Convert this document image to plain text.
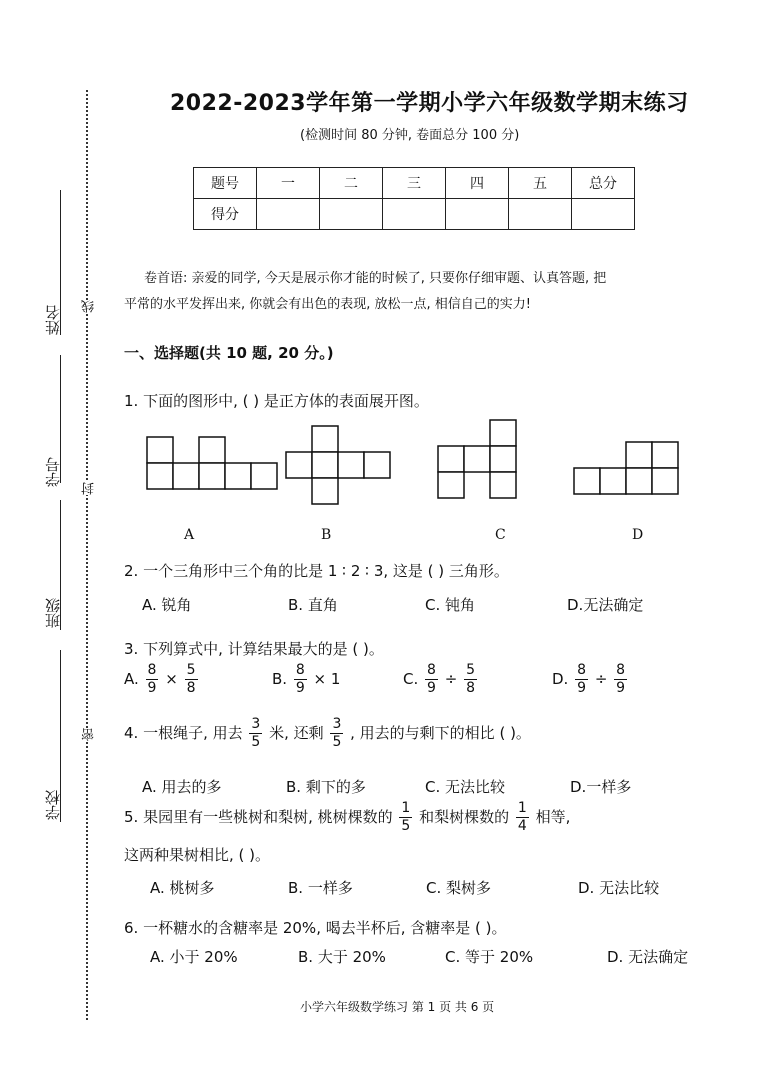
线
封
密
姓名
学号
班级
学校
2022-2023学年第一学期小学六年级数学期末练习
(检测时间 80 分钟, 卷面总分 100 分)
题号	一	二	三	四	五	总分
得分						
卷首语: 亲爱的同学, 今天是展示你才能的时候了, 只要你仔细审题、认真答题, 把
平常的水平发挥出来, 你就会有出色的表现, 放松一点, 相信自己的实力!
一、选择题(共 10 题, 20 分。)
1. 下面的图形中, ( ) 是正方体的表面展开图。
A	B	C	D
2. 一个三角形中三个角的比是 1 ∶ 2 ∶ 3, 这是 ( ) 三角形。
A. 锐角	B. 直角	C. 钝角	D.无法确定
3. 下列算式中, 计算结果最大的是 ( )。
A. $\frac{8}{9} \times \frac{5}{8}$	B. $\frac{8}{9} \times 1$	C. $\frac{8}{9} \div \frac{5}{8}$	D. $\frac{8}{9} \div \frac{8}{9}$
4. 一根绳子, 用去 $\frac{3}{5}$ 米, 还剩 $\frac{3}{5}$ , 用去的与剩下的相比 ( )。
A. 用去的多	B. 剩下的多	C. 无法比较	D.一样多
5. 果园里有一些桃树和梨树, 桃树棵数的 $\frac{1}{5}$ 和梨树棵数的 $\frac{1}{4}$ 相等,
这两种果树相比, ( )。
A. 桃树多	B. 一样多	C. 梨树多	D. 无法比较
6. 一杯糖水的含糖率是 20%, 喝去半杯后, 含糖率是 ( )。
A. 小于 20%	B. 大于 20%	C. 等于 20%	D. 无法确定
小学六年级数学练习 第 1 页 共 6 页
